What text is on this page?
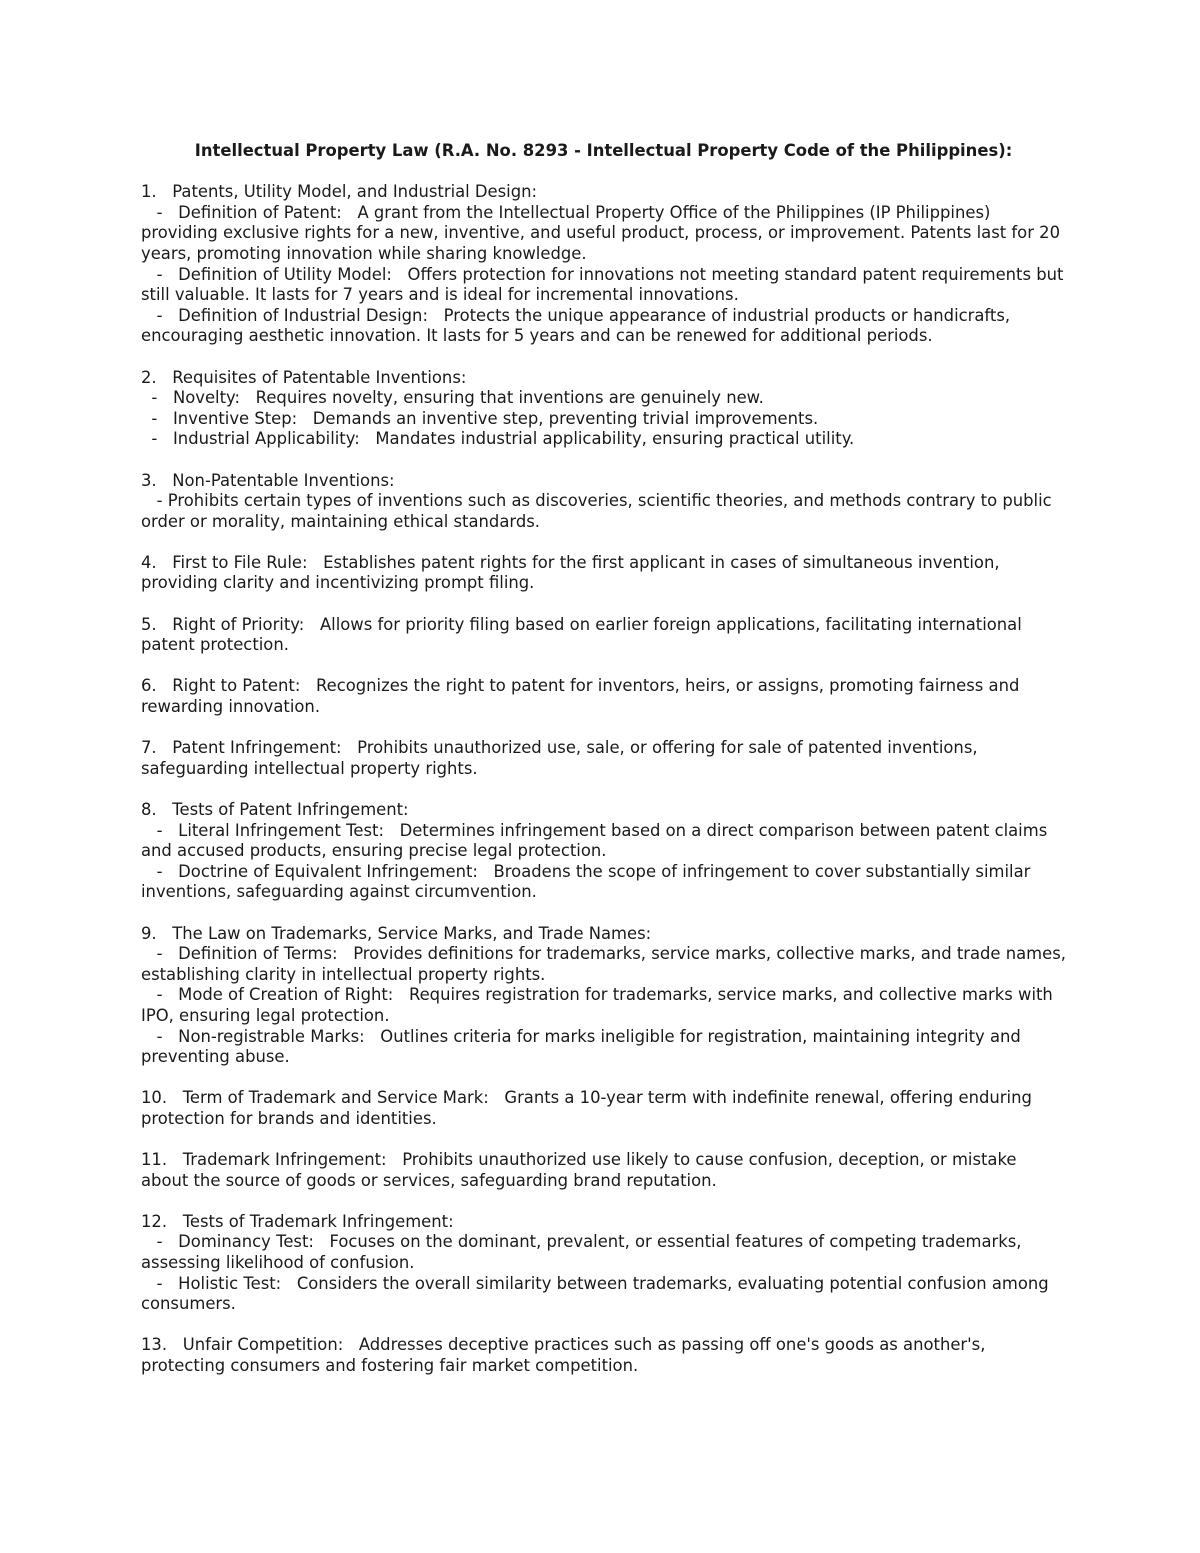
Intellectual Property Law (R.A. No. 8293 - Intellectual Property Code of the Philippines):

1.   Patents, Utility Model, and Industrial Design:

-   Definition of Patent:   A grant from the Intellectual Property Office of the Philippines (IP Philippines) providing exclusive rights for a new, inventive, and useful product, process, or improvement. Patents last for 20 years, promoting innovation while sharing knowledge.

-   Definition of Utility Model:   Offers protection for innovations not meeting standard patent requirements but still valuable. It lasts for 7 years and is ideal for incremental innovations.

-   Definition of Industrial Design:   Protects the unique appearance of industrial products or handicrafts, encouraging aesthetic innovation. It lasts for 5 years and can be renewed for additional periods.

2.   Requisites of Patentable Inventions:

-   Novelty:   Requires novelty, ensuring that inventions are genuinely new.

-   Inventive Step:   Demands an inventive step, preventing trivial improvements.

-   Industrial Applicability:   Mandates industrial applicability, ensuring practical utility.

3.   Non-Patentable Inventions:

- Prohibits certain types of inventions such as discoveries, scientific theories, and methods contrary to public order or morality, maintaining ethical standards.

4.   First to File Rule:   Establishes patent rights for the first applicant in cases of simultaneous invention, providing clarity and incentivizing prompt filing.

5.   Right of Priority:   Allows for priority filing based on earlier foreign applications, facilitating international patent protection.

6.   Right to Patent:   Recognizes the right to patent for inventors, heirs, or assigns, promoting fairness and rewarding innovation.

7.   Patent Infringement:   Prohibits unauthorized use, sale, or offering for sale of patented inventions, safeguarding intellectual property rights.

8.   Tests of Patent Infringement:

-   Literal Infringement Test:   Determines infringement based on a direct comparison between patent claims and accused products, ensuring precise legal protection.

-   Doctrine of Equivalent Infringement:   Broadens the scope of infringement to cover substantially similar inventions, safeguarding against circumvention.

9.   The Law on Trademarks, Service Marks, and Trade Names:

-   Definition of Terms:   Provides definitions for trademarks, service marks, collective marks, and trade names, establishing clarity in intellectual property rights.

-   Mode of Creation of Right:   Requires registration for trademarks, service marks, and collective marks with IPO, ensuring legal protection.

-   Non-registrable Marks:   Outlines criteria for marks ineligible for registration, maintaining integrity and preventing abuse.

10.   Term of Trademark and Service Mark:   Grants a 10-year term with indefinite renewal, offering enduring protection for brands and identities.

11.   Trademark Infringement:   Prohibits unauthorized use likely to cause confusion, deception, or mistake about the source of goods or services, safeguarding brand reputation.

12.   Tests of Trademark Infringement:

-   Dominancy Test:   Focuses on the dominant, prevalent, or essential features of competing trademarks, assessing likelihood of confusion.

-   Holistic Test:   Considers the overall similarity between trademarks, evaluating potential confusion among consumers.

13.   Unfair Competition:   Addresses deceptive practices such as passing off one's goods as another's, protecting consumers and fostering fair market competition.
